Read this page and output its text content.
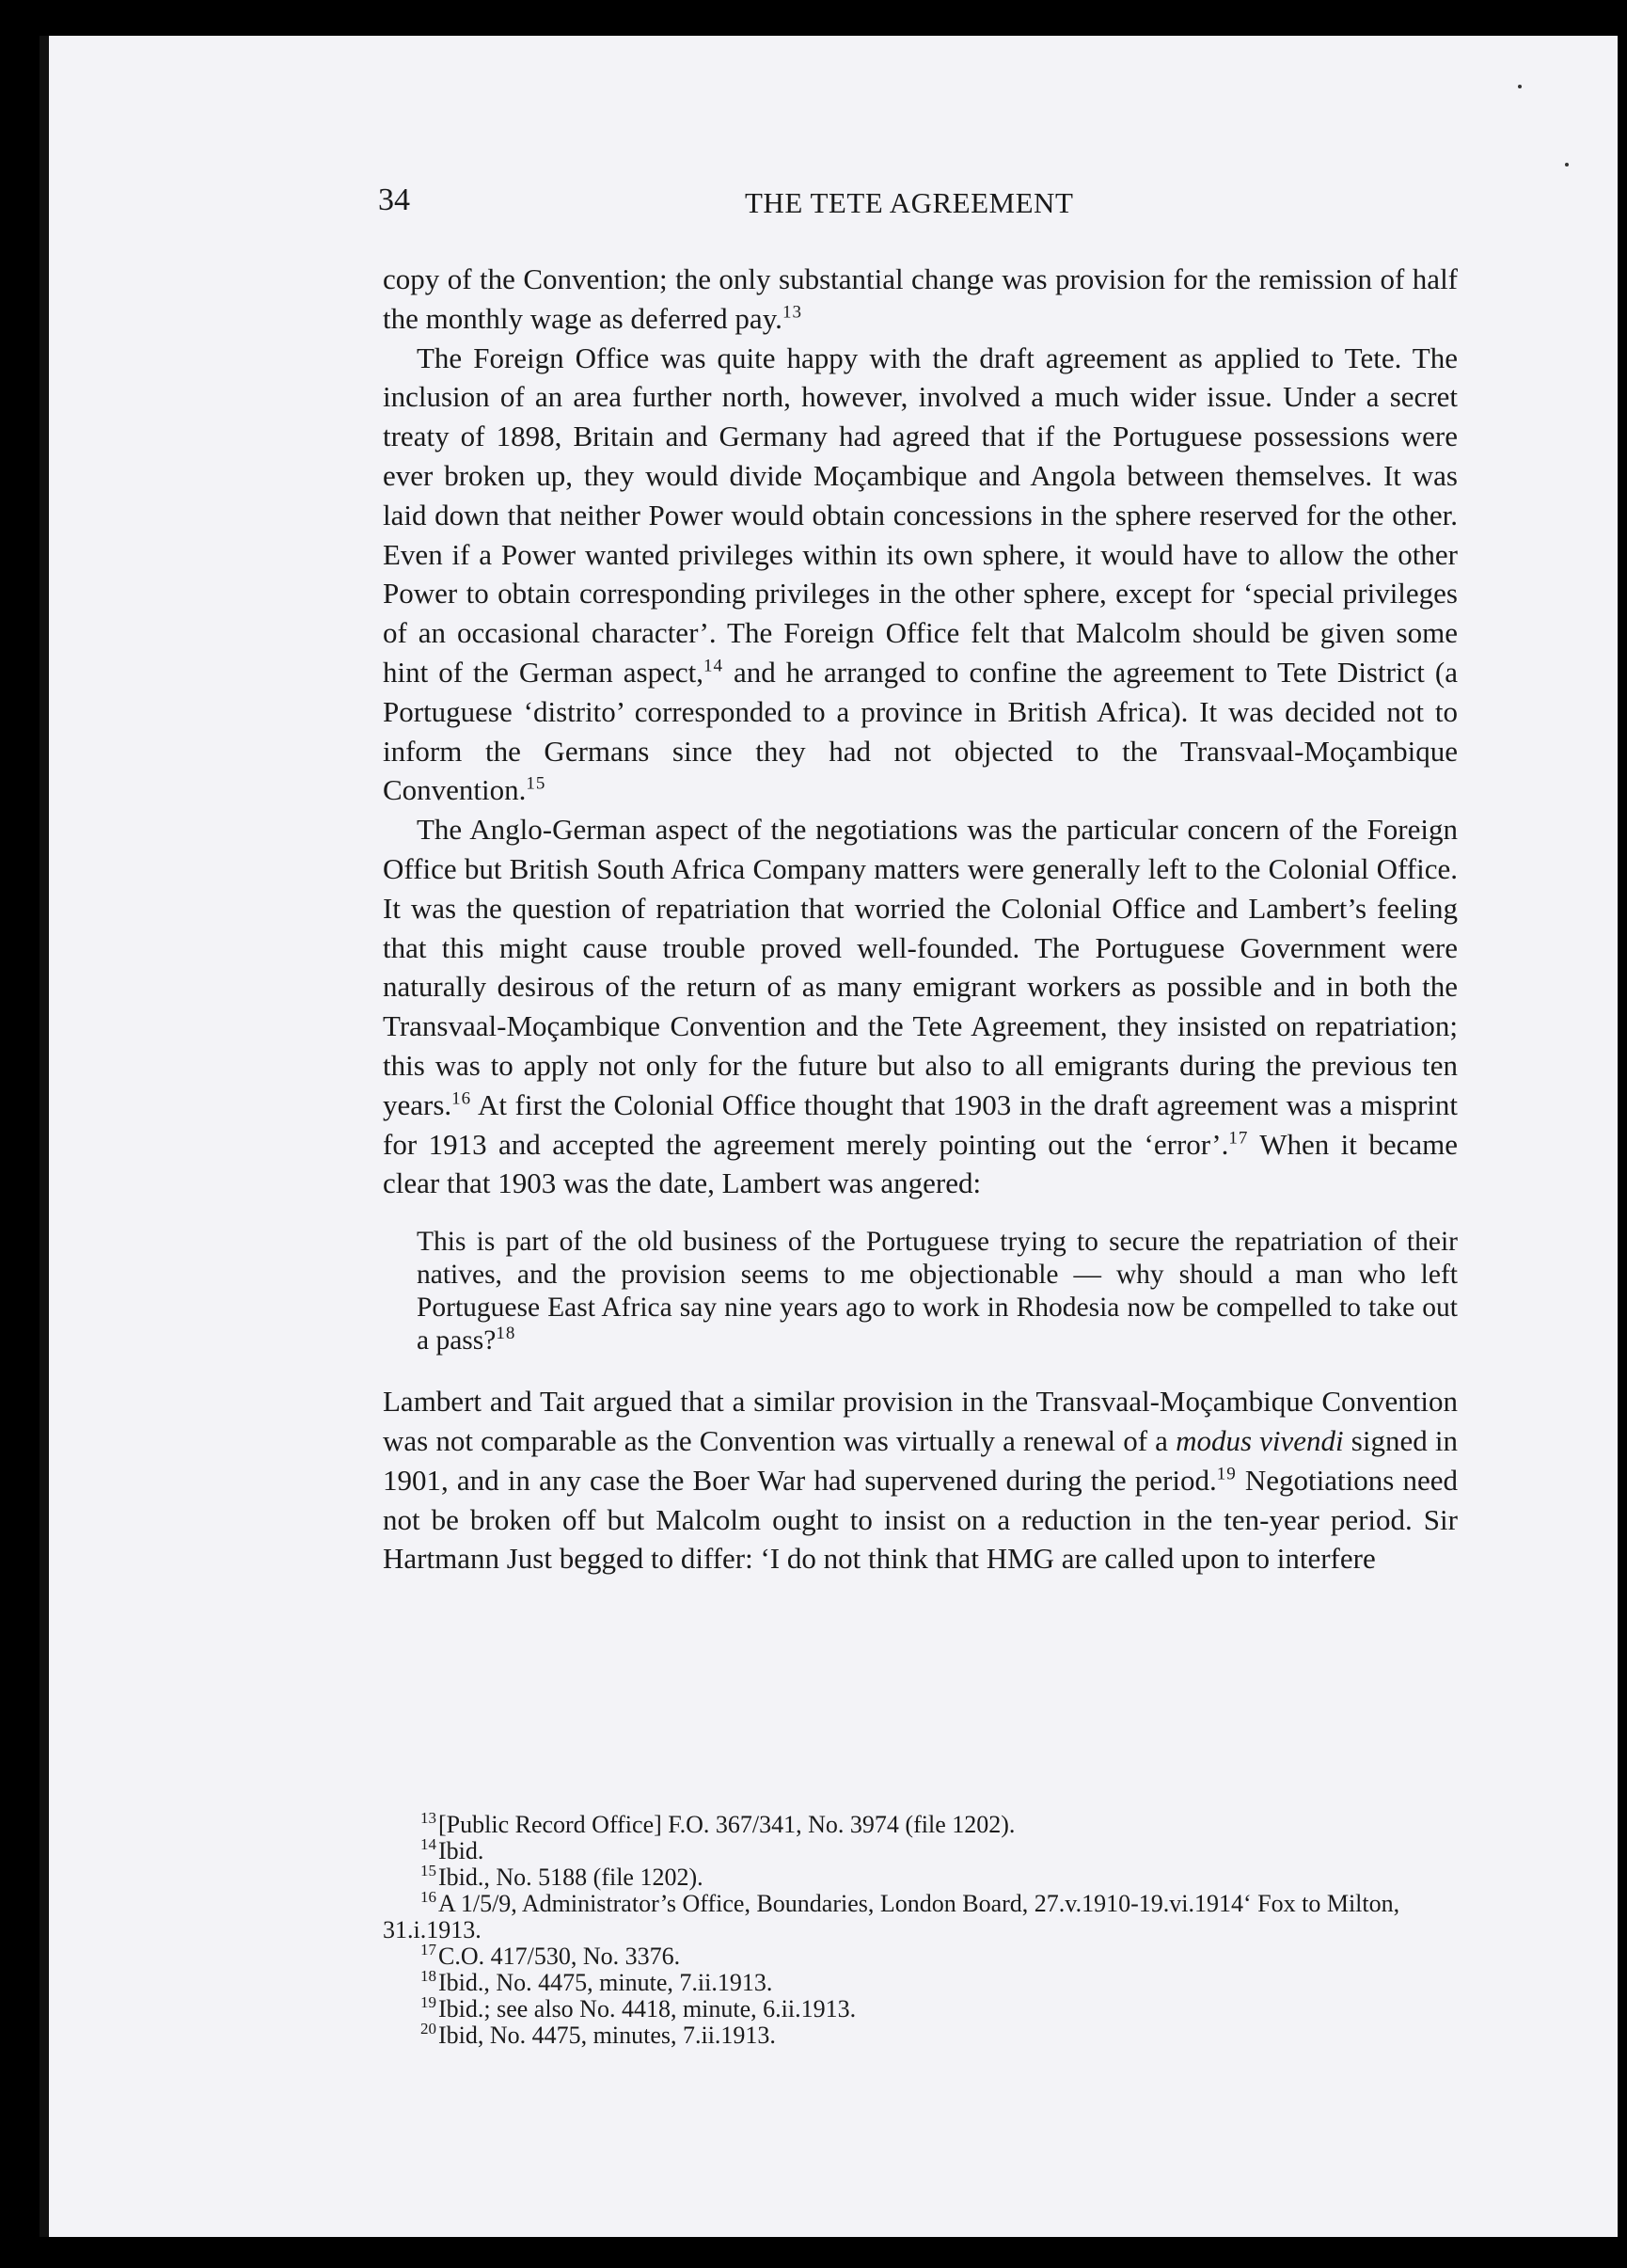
34	THE TETE AGREEMENT

copy of the Convention; the only substantial change was provision for the remission of half the monthly wage as deferred pay.$^{13}$

The Foreign Office was quite happy with the draft agreement as applied to Tete. The inclusion of an area further north, however, involved a much wider issue. Under a secret treaty of 1898, Britain and Germany had agreed that if the Portuguese possessions were ever broken up, they would divide Moçambique and Angola between themselves. It was laid down that neither Power would obtain concessions in the sphere reserved for the other. Even if a Power wanted privileges within its own sphere, it would have to allow the other Power to obtain corresponding privileges in the other sphere, except for ‘special privileges of an occasional character’. The Foreign Office felt that Malcolm should be given some hint of the German aspect,$^{14}$ and he arranged to confine the agreement to Tete District (a Portuguese ‘distrito’ corresponded to a province in British Africa). It was decided not to inform the Germans since they had not objected to the Transvaal-Moçambique Convention.$^{15}$

The Anglo-German aspect of the negotiations was the particular concern of the Foreign Office but British South Africa Company matters were generally left to the Colonial Office. It was the question of repatriation that worried the Colonial Office and Lambert’s feeling that this might cause trouble proved well-founded. The Portuguese Government were naturally desirous of the return of as many emigrant workers as possible and in both the Transvaal-Moçambique Convention and the Tete Agreement, they insisted on repatriation; this was to apply not only for the future but also to all emigrants during the previous ten years.$^{16}$ At first the Colonial Office thought that 1903 in the draft agreement was a misprint for 1913 and accepted the agreement merely pointing out the ‘error’.$^{17}$ When it became clear that 1903 was the date, Lambert was angered:

This is part of the old business of the Portuguese trying to secure the repatriation of their natives, and the provision seems to me objectionable — why should a man who left Portuguese East Africa say nine years ago to work in Rhodesia now be compelled to take out a pass?$^{18}$

Lambert and Tait argued that a similar provision in the Transvaal-Moçambique Convention was not comparable as the Convention was virtually a renewal of a modus vivendi signed in 1901, and in any case the Boer War had supervened during the period.$^{19}$ Negotiations need not be broken off but Malcolm ought to insist on a reduction in the ten-year period. Sir Hartmann Just begged to differ: ‘I do not think that HMG are called upon to interfere

$^{13}$[Public Record Office] F.O. 367/341, No. 3974 (file 1202).

$^{14}$Ibid.

$^{15}$Ibid., No. 5188 (file 1202).

$^{16}$A 1/5/9, Administrator’s Office, Boundaries, London Board, 27.v.1910-19.vi.1914‘ Fox to Milton, 31.i.1913.

$^{17}$C.O. 417/530, No. 3376.

$^{18}$Ibid., No. 4475, minute, 7.ii.1913.

$^{19}$Ibid.; see also No. 4418, minute, 6.ii.1913.

$^{20}$Ibid, No. 4475, minutes, 7.ii.1913.
